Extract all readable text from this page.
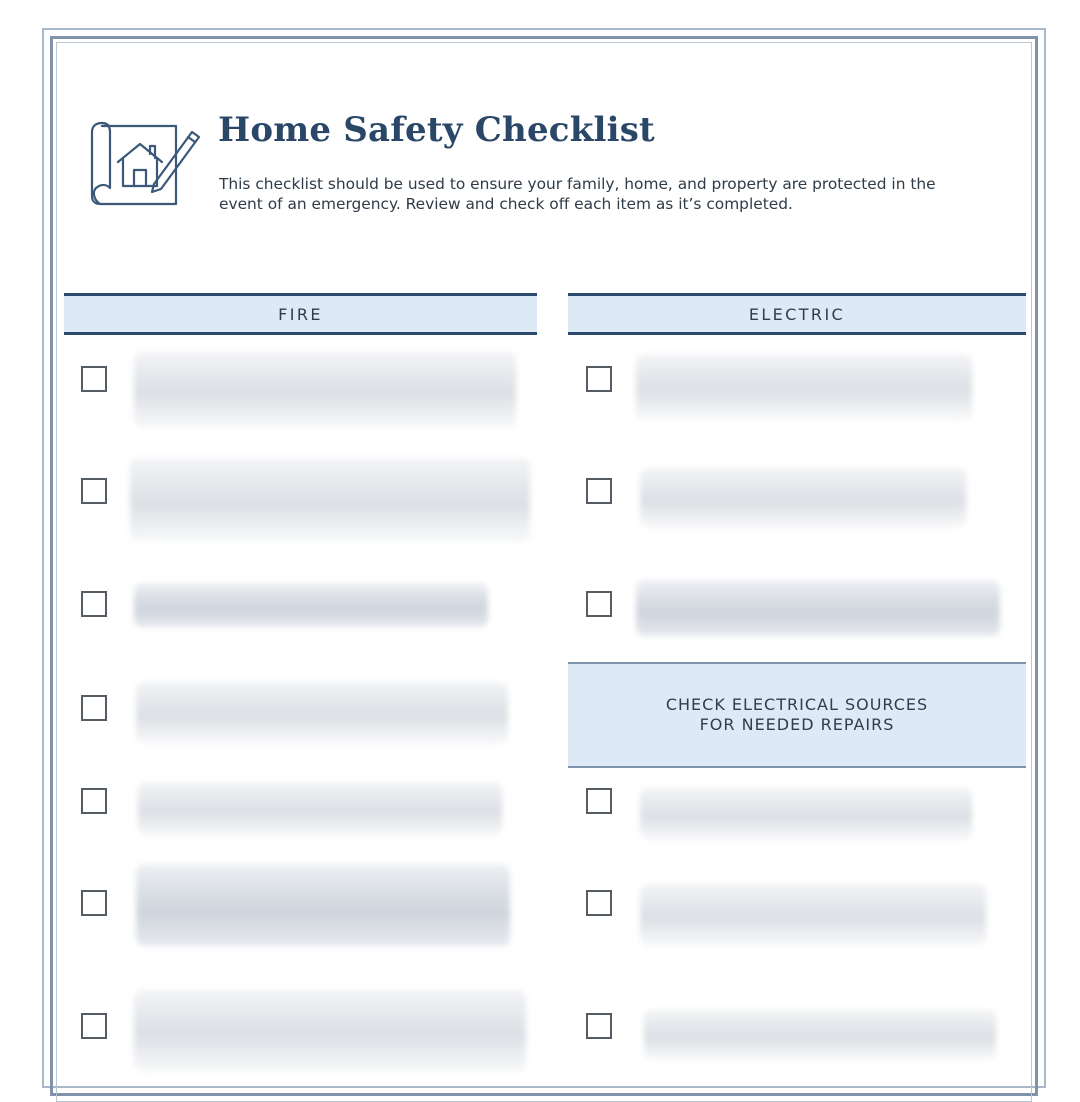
Home Safety Checklist

This checklist should be used to ensure your family, home, and property are protected in the
event of an emergency. Review and check off each item as it’s completed.

FIRE	ELECTRIC
CHECK ELECTRICAL SOURCES
FOR NEEDED REPAIRS
